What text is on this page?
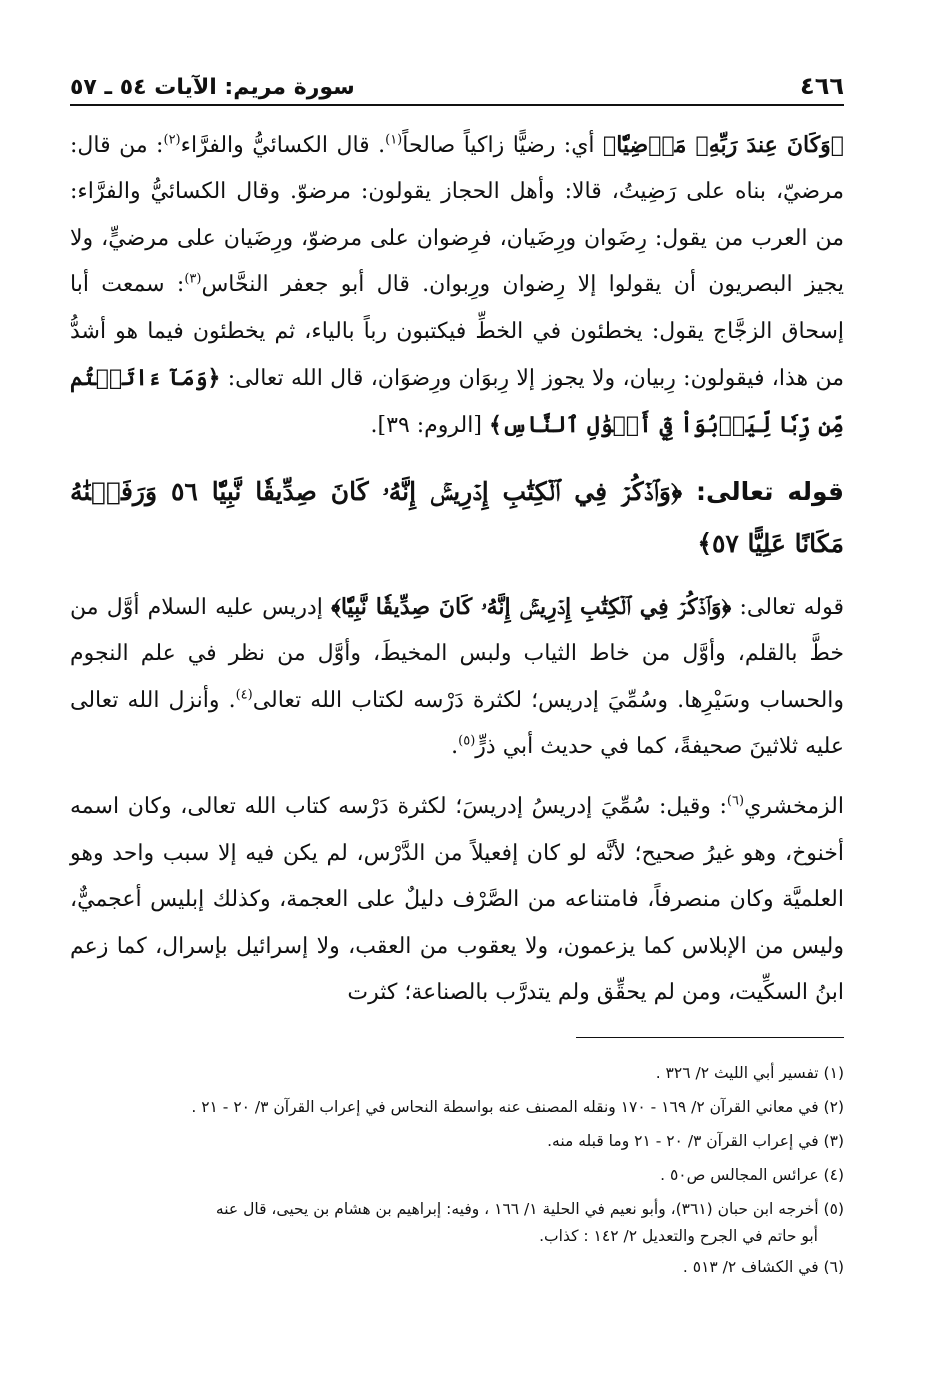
٤٦٦
سورة مريم: الآيات ٥٤ ـ ٥٧

﴿وَكَانَ عِندَ رَبِّهِۦ مَرۡضِيّٗا﴾ أي: رضيًّا زاكياً صالحاً$^{(١)}$. قال الكسائيُّ والفرَّاء$^{(٢)}$: من قال: مرضيّ، بناه على رَضِيتُ، قالا: وأهل الحجاز يقولون: مرضوّ. وقال الكسائيُّ والفرَّاء: من العرب من يقول: رِضَوان ورِضَيان، فرِضوان على مرضوّ، ورِضَيان على مرضيٍّ، ولا يجيز البصريون أن يقولوا إلا رِضوان ورِبوان. قال أبو جعفر النحَّاس$^{(٣)}$: سمعت أبا إسحاق الزجَّاج يقول: يخطئون في الخطِّ فيكتبون رباً بالياء، ثم يخطئون فيما هو أشدُّ من هذا، فيقولون: رِبيان، ولا يجوز إلا رِبوَان ورِضوَان، قال الله تعالى: ﴿وَمَآ ءَاتَيۡتُم مِّن رِّبٗا لِّيَرۡبُوَاْ فِيٓ أَمۡوَٰلِ ٱلنَّاسِ﴾ [الروم: ٣٩].

قوله تعالى: ﴿وَٱذۡكُرۡ فِي ٱلۡكِتَٰبِ إِدۡرِيسَۚ إِنَّهُۥ كَانَ صِدِّيقٗا نَّبِيّٗا ٥٦ وَرَفَعۡنَٰهُ مَكَانًا عَلِيًّا ٥٧﴾

قوله تعالى: ﴿وَٱذۡكُرۡ فِي ٱلۡكِتَٰبِ إِدۡرِيسَۚ إِنَّهُۥ كَانَ صِدِّيقٗا نَّبِيّٗا﴾ إدريس عليه السلام أوَّل من خطَّ بالقلم، وأوَّل من خاط الثياب ولبس المخيطَ، وأوَّل من نظر في علم النجوم والحساب وسَيْرِها. وسُمِّيَ إدريس؛ لكثرة دَرْسه لكتاب الله تعالى$^{(٤)}$. وأنزل الله تعالى عليه ثلاثينَ صحيفةً، كما في حديث أبي ذرٍّ$^{(٥)}$.

الزمخشري$^{(٦)}$: وقيل: سُمِّيَ إدريسُ إدريسَ؛ لكثرة دَرْسه كتاب الله تعالى، وكان اسمه أخنوخ، وهو غيرُ صحيح؛ لأنَّه لو كان إفعيلاً من الدَّرْس، لم يكن فيه إلا سبب واحد وهو العلميَّة وكان منصرفاً، فامتناعه من الصَّرْف دليلٌ على العجمة، وكذلك إبليس أعجميٌّ، وليس من الإبلاس كما يزعمون، ولا يعقوب من العقب، ولا إسرائيل بإسرال، كما زعم ابنُ السكِّيت، ومن لم يحقِّق ولم يتدرَّب بالصناعة؛ كثرت

(١) تفسير أبي الليث ٢/ ٣٢٦ .

(٢) في معاني القرآن ٢/ ١٦٩ - ١٧٠ ونقله المصنف عنه بواسطة النحاس في إعراب القرآن ٣/ ٢٠ - ٢١ .

(٣) في إعراب القرآن ٣/ ٢٠ - ٢١ وما قبله منه.

(٤) عرائس المجالس ص٥٠ .

(٥) أخرجه ابن حبان (٣٦١)، وأبو نعيم في الحلية ١/ ١٦٦ ، وفيه: إبراهيم بن هشام بن يحيى، قال عنه
أبو حاتم في الجرح والتعديل ٢/ ١٤٢ : كذاب.

(٦) في الكشاف ٢/ ٥١٣ .
